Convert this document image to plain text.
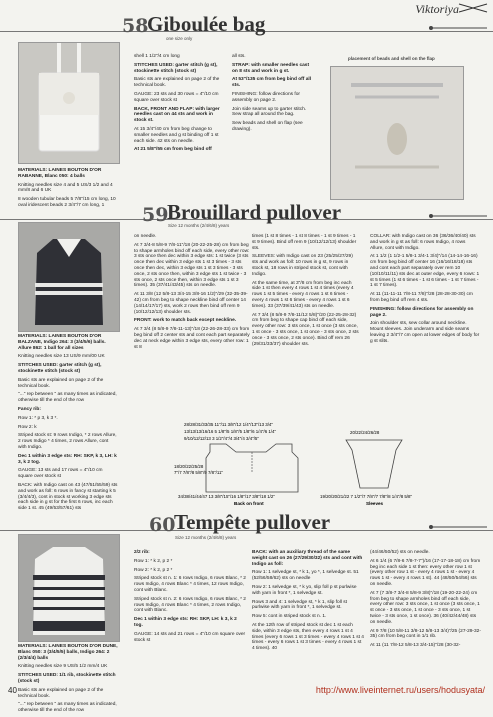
Viktoriya
58
Giboulée bag
one size only

MATERIALS: LAINES BOUTON D'OR RABANNE, Blanc 050: 4 balls

Knitting needles size 4 and 5 US/3 1/2 and 4 mm/8 and 6 UK

8 wooden tubular beads 5 7/8"/15 cm long, 10 oval iridescent beads 2 3/4"/7 cm long, 1

shell 1 1/2"/4 cm long

STITCHES USED: garter stitch (g st), stockinette stitch (stock st)

Basic sts are explained on page 2 of the technical book.

GAUGE: 23 sts and 30 rows = 4"/10 cm square over stock st

BACK, FRONT AND FLAP: with larger needles cast on 44 sts and work in stock st.

At 15 3/4"/40 cm from beg change to smaller needles and g st binding off 1 st each side. 42 sts on needle.

At 21 5/8"/55 cm from beg bind off

all sts.

STRAP: with smaller needles cast on 8 sts and work in g st.

At 53"/135 cm from beg bind off all sts.

FINISHING: follow directions for assembly on page 2.

Join side seams up to garter stitch. Sew strap all around the bag.

Sew beads and shell on flap (see drawing).

placement of beads and shell on the flap
59
Brouillard pullover
Size 12 months (2/4/6/8) years

MATERIALS: LAINES BOUTON D'OR BALZANE, Indigo 264: 3 (3/4/5/6) balls. Allure 862: 1 ball for all sizes

Knitting needles size 13 US/9 mm/00 UK

STITCHES USED: garter stitch (g st), stockinette stitch (stock st)

Basic sts are explained on page 2 of the technical book.

"..." rep between " as many times as indicated, otherwise till the end of the row

Fancy rib:

Row 1: * p 3, k 3 *.

Row 2: k

Striped stock st: 9 rows Indigo, * 2 rows Allure, 2 rows Indigo * 4 times, 2 rows Allure, cont with Indigo.

Dec 1 within 3 edge sts: RH: SKP, k 3, LH: k 3, k 2 tog.

GAUGE: 13 sts and 17 rows = 4"/10 cm square over stock st

BACK: with Indigo cast on 43 (47/51/55/59) sts and work as foll: 6 rows in fancy st starting k 5 (3/4/4/3), cont in stock st working 3 edge sts each side in g st for the first 6 rows, inc each side 1 st. 45 (49/53/57/61) sts

on needle.

At 7 3/4-8 5/8-9 7/8-11"/18 (20-22-25-28) cm from beg to shape armholes bind off each side, every other row: 3 sts once then dec within 3 edge sts: 1 st twice (3 sts once then dec within 3 edge sts 1 st 3 times - 3 sts once then dec, within 3 edge sts 1 st 3 times - 3 sts once, 2 sts once then, within 3 edge sts 1 st twice - 3 sts once, 2 sts once then, within 3 edge sts 1 st 3 times). 35 (37/41/43/45) sts on needle.

At 11 3/8 (12 5/8-13 3/4-15 3/8-16 1/2)"/29 (32-35-39-42) cm from beg to shape neckline bind off center 14 (14/14/17/17) sts, work 2 rows then bind off rem 9 (10/12/12/13) shoulder sts.

FRONT: work to match back except neckline.

At 7 3/4 (8 5/8-9 7/8-11-13)"/18 (22-26-28-33) cm from beg bind off 2 center sts and cont each part separately dec at neck edge within 3 edge sts, every other row: 1 st 8

times (1 st 8 times - 1 st 8 times - 1 st 9 times - 1 st 9 times). Bind off rem 9 (10/12/12/13) shoulder sts.

SLEEVES: with Indigo cast on 23 (25/25/27/29) sts and work as foll: 10 rows in g st, 9 rows in stock st, 18 rows in striped stock st, cont with Indigo.

At the same time, at 3"/8 cm from beg inc each side 1 st then every 4 rows 1 st 4 times (every 4 rows 1 st 5 times - every 4 rows 1 st 6 times - every 4 rows 1 st 6 times - every 4 rows 1 st 6 times). 33 (37/39/41/43) sts on needle.

At 7 3/4 (8 5/8-9 7/8-11/12 5/8)"/20 (22-25-28-32) cm from beg to shape cap bind off each side, every other row: 3 sts once, 1 st once (3 sts once, 1 st once - 3 sts once, 1 st once - 3 sts once, 2 sts once - 3 sts once, 2 sts once). Bind off rem 26 (29/31/33/37) shoulder sts.

COLLAR: with Indigo cast on 36 (36/36/40/40) sts and work in g st as foll: 6 rows Indigo, 4 rows Allure, cont with Indigo.

At 1 1/2 (1 1/2-1 5/8-1 3/4-1 3/4)"/14 (14-14-16-16) cm from beg bind off center 16 (16/16/18/18) sts and cont each part separately over rem 10 (10/10/11/11) sts dec at outer edge, every 6 rows: 1 st 5 times (1 st 6 times - 1 st 6 times - 1 st 7 times - 1 st 7 times).

At 11 (11-11-11 7/8-11 7/8)"/28 (28-28-30-30) cm from beg bind off rem 4 sts.

FINISHING: follow directions for assembly on page 2.

Join shoulder sts, sew collar around neckline. Mount sleeves. Join underarm and side seams leaving 2 3/4"/7 cm open at lower edges of body for g st slits.

28/28/31/33/35 11"/11 3/8"/12 1/4"/13"/13 3/4"
13/13/13/16/16 5 1/8"/5 1/8"/5 1/8"/6 1/4"/6 1/4"
9/10/12/12/13 3 1/2"/4"/4 3/4"/4 3/4"/5"
18/20/22/25/28
7"/7 7/8"/8 5/8"/9 7/8"/11"
34/38/41/44/47 13 3/8"/15"/16 1/8"/17 3/8"/18 1/2"
Back on front
20/22/24/26/28
19/20/20/21/22 7 1/2"/7 7/8"/7 7/8"/8 1/4"/8 5/8"
Sleeves
60
Tempête pullover
Size 12 months (2/4/6/8) years

MATERIALS: LAINES BOUTON D'OR DUNE, Blanc 050: 3 (3/4/5/5) balls, Indigo 264: 2 (2/3/4/4) balls

Knitting needles size 9 US/5 1/2 mm/4 UK

STITCHES USED: 1/1 rib, stockinette stitch (stock st)

Basic sts are explained on page 2 of the technical book.

"..." rep between " as many times as indicated, otherwise till the end of the row

2/2 rib:

Row 1: * k 2, p 2 *

Row 2: * k 2, p 2 *

Striped stock st n. 1: 6 rows Indigo, 6 rows Blanc, * 2 rows Indigo, 4 rows Blanc * 4 times, 12 rows Indigo, cont with Blanc.

Striped stock st n. 2: 6 rows Indigo, 6 rows Blanc, * 2 rows Indigo, 4 rows Blanc * 4 times, 2 rows Indigo, cont with Blanc.

Dec 1 within 3 edge sts: RH: SKP, LH: k 3, k 2 tog.

GAUGE: 14 sts and 21 rows = 4"/10 cm square over stock st

BACK: with an auxiliary thread of the same weight cast on 26 (27/29/30/32) sts and cont with Indigo as foll:

Row 1: 1 selvedge st, * k 1, yo *, 1 selvedge st. 51 (52/56/58/62) sts on needle

Row 2: 1 selvedge st, * k yo, slip foll p st purlwise with yarn in front *, 1 selvedge st.

Rows 3 and 4: 1 selvedge st, * k 1, slip foll st purlwise with yarn in front *, 1 selvedge st.

Row 5: cont in striped stock st n. 1.

At the 12th row of striped stock st dec 1 st each side, within 3 edge sts, then every 4 rows 1 st 4 times (every 6 rows 1 st 3 times - every 4 rows 1 st 4 times - every 6 rows 1 st 3 times - every 4 rows 1 st 4 times). 40

(44/46/50/52) sts on needle.

At 6 1/4 (6 7/8-6 7/8-7-7")/16 (17-17-18-18) cm from beg inc each side 1 st then: every other row 1 st (every other row 1 st - every 4 rows 1 st - every 4 rows 1 st - every 4 rows 1 st). 44 (48/50/54/56) sts on needle.

At 7 (7 3/8-7 3/4-8 5/8-9 3/8)"/18 (19-20-22-24) cm from beg to shape armholes bind off each side, every other row: 3 sts once, 1 st once (3 sts once, 1 st once - 3 sts once, 1 st once - 3 sts once, 1 st twice - 3 sts once, 1 st once). 36 (40/42/44/48) sts on needle.

At 9 7/8 (10 5/8-11 3/8-12 5/8-13 3/4)"/25 (27-29-32-35) cm from beg cont in 1/1 rib.

At 11 (11 7/8-12 5/8-13 3/4-15)"/28 (30-32-

40	http://www.liveinternet.ru/users/hodusyata/
